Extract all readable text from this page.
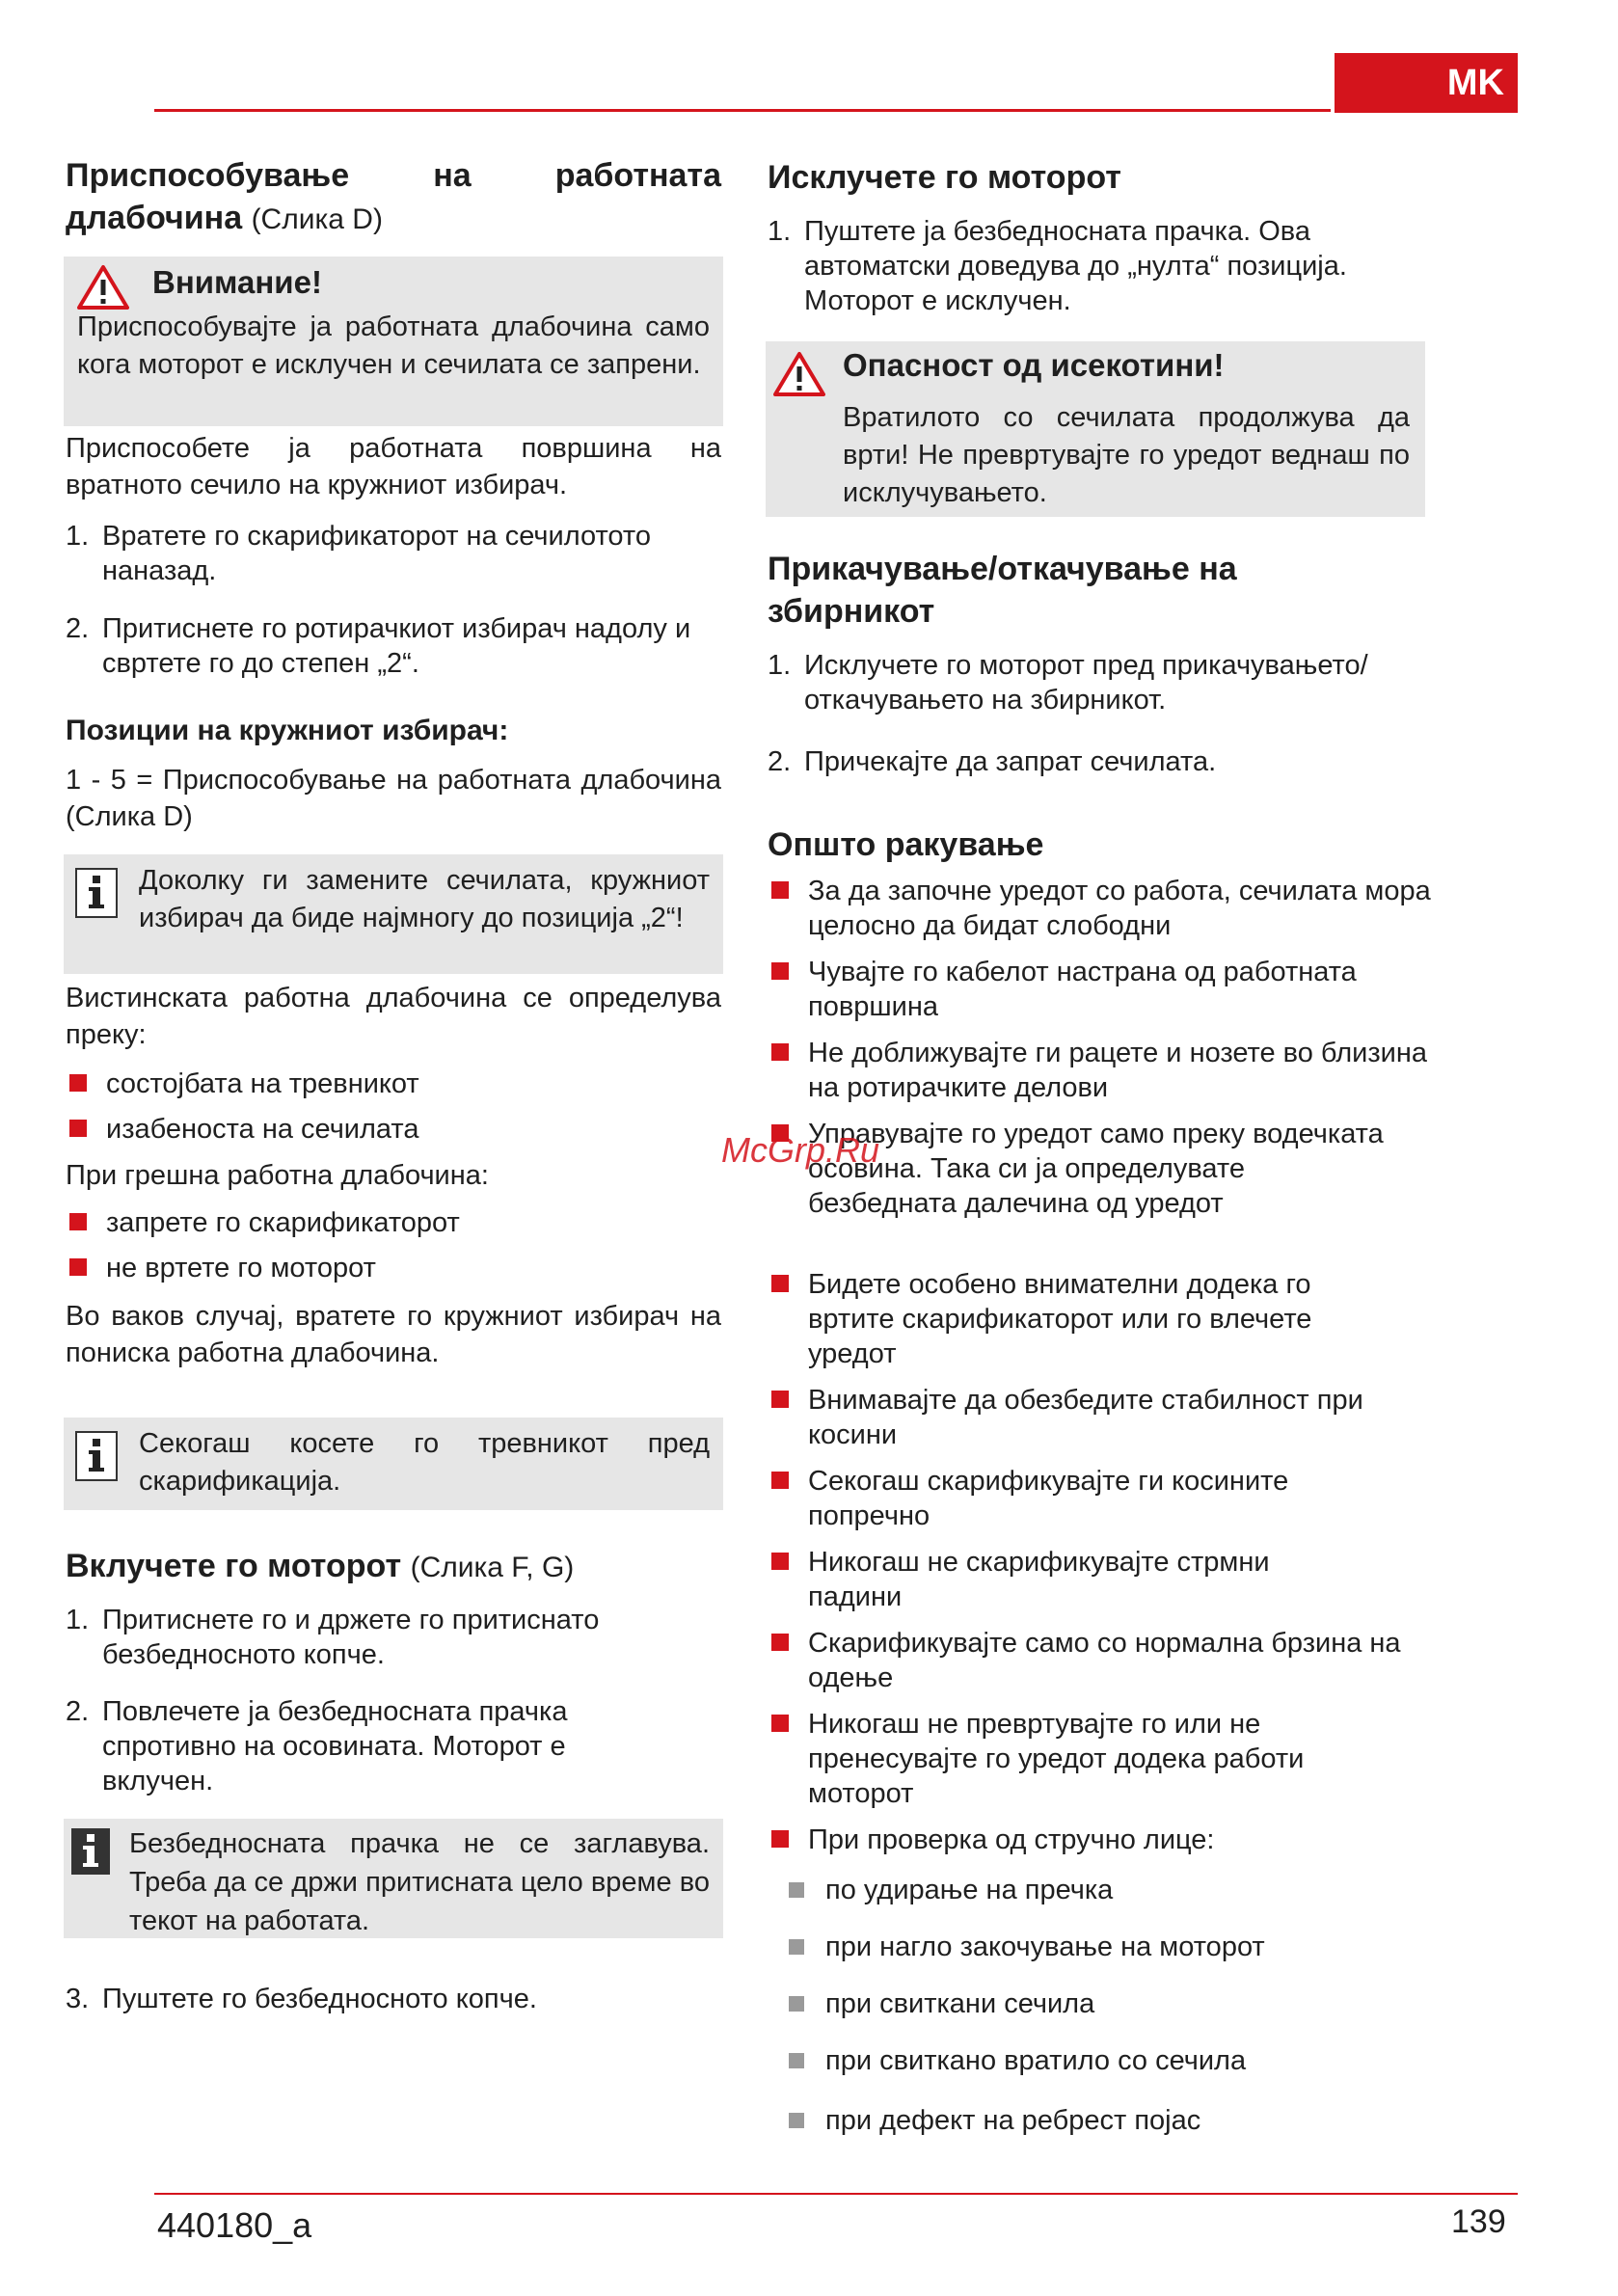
MK
Приспособување на работната
длабочина (Слика D)
Внимание!

Приспособувајте ја работната длабочина само кога моторот е исклучен и сечилата се запрени.

Приспособете ја работната површина на вратното сечило на кружниот избирач.

1. Вратете го скарификаторот на сечилотото наназад.
2. Притиснете го ротирачкиот избирач надолу и свртете го до степен „2“.
Позиции на кружниот избирач:

1 - 5 = Приспособување на работната длабочина (Слика D)

Доколку ги замените сечилата, кружниот избирач да биде најмногу до позиција „2“!

Вистинската работна длабочина се определува преку:

состојбата на тревникот
изабеноста на сечилата

При грешна работна длабочина:

запрете го скарификаторот
не вртете го моторот

Во ваков случај, вратете го кружниот избирач на пониска работна длабочина.

Секогаш косете го тревникот пред скарификација.

Вклучете го моторот (Слика F, G)
1. Притиснете го и држете го притиснато безбедносното копче.
2. Повлечете ја безбедносната прачка спротивно на осовината. Моторот е вклучен.

Безбедносната прачка не се заглавува. Треба да се држи притисната цело време во текот на работата.

3. Пуштете го безбедносното копче.
Исклучете го моторот
1. Пуштете ја безбедносната прачка. Ова автоматски доведува до „нулта“ позиција. Моторот е исклучен.
Опасност од исекотини!

Вратилото со сечилата продолжува да врти! Не превртувајте го уредот веднаш по исклучувањето.

Прикачување/откачување на
збирникот
1. Исклучете го моторот пред прикачувањето/откачувањето на збирникот.
2. Причекајте да запрат сечилата.
Општо ракување
За да започне уредот со работа, сечилата мора целосно да бидат слободни
Чувајте го кабелот настрана од работната површина
Не доближувајте ги рацете и нозете во близина на ротирачките делови
Управувајте го уредот само преку водечката осовина. Така си ја определувате безбедната далечина од уредот
Бидете особено внимателни додека го вртите скарификаторот или го влечете уредот
Внимавајте да обезбедите стабилност при косини
Секогаш скарификувајте ги косините попречно
Никогаш не скарификувајте стрмни падини
Скарификувајте само со нормална брзина на одење
Никогаш не превртувајте го или не пренесувајте го уредот додека работи моторот
При проверка од стручно лице:
по удирање на пречка
при нагло закочување на моторот
при свиткани сечила
при свиткано вратило со сечила
при дефект на ребрест појас
McGrp.Ru
440180_a	139
